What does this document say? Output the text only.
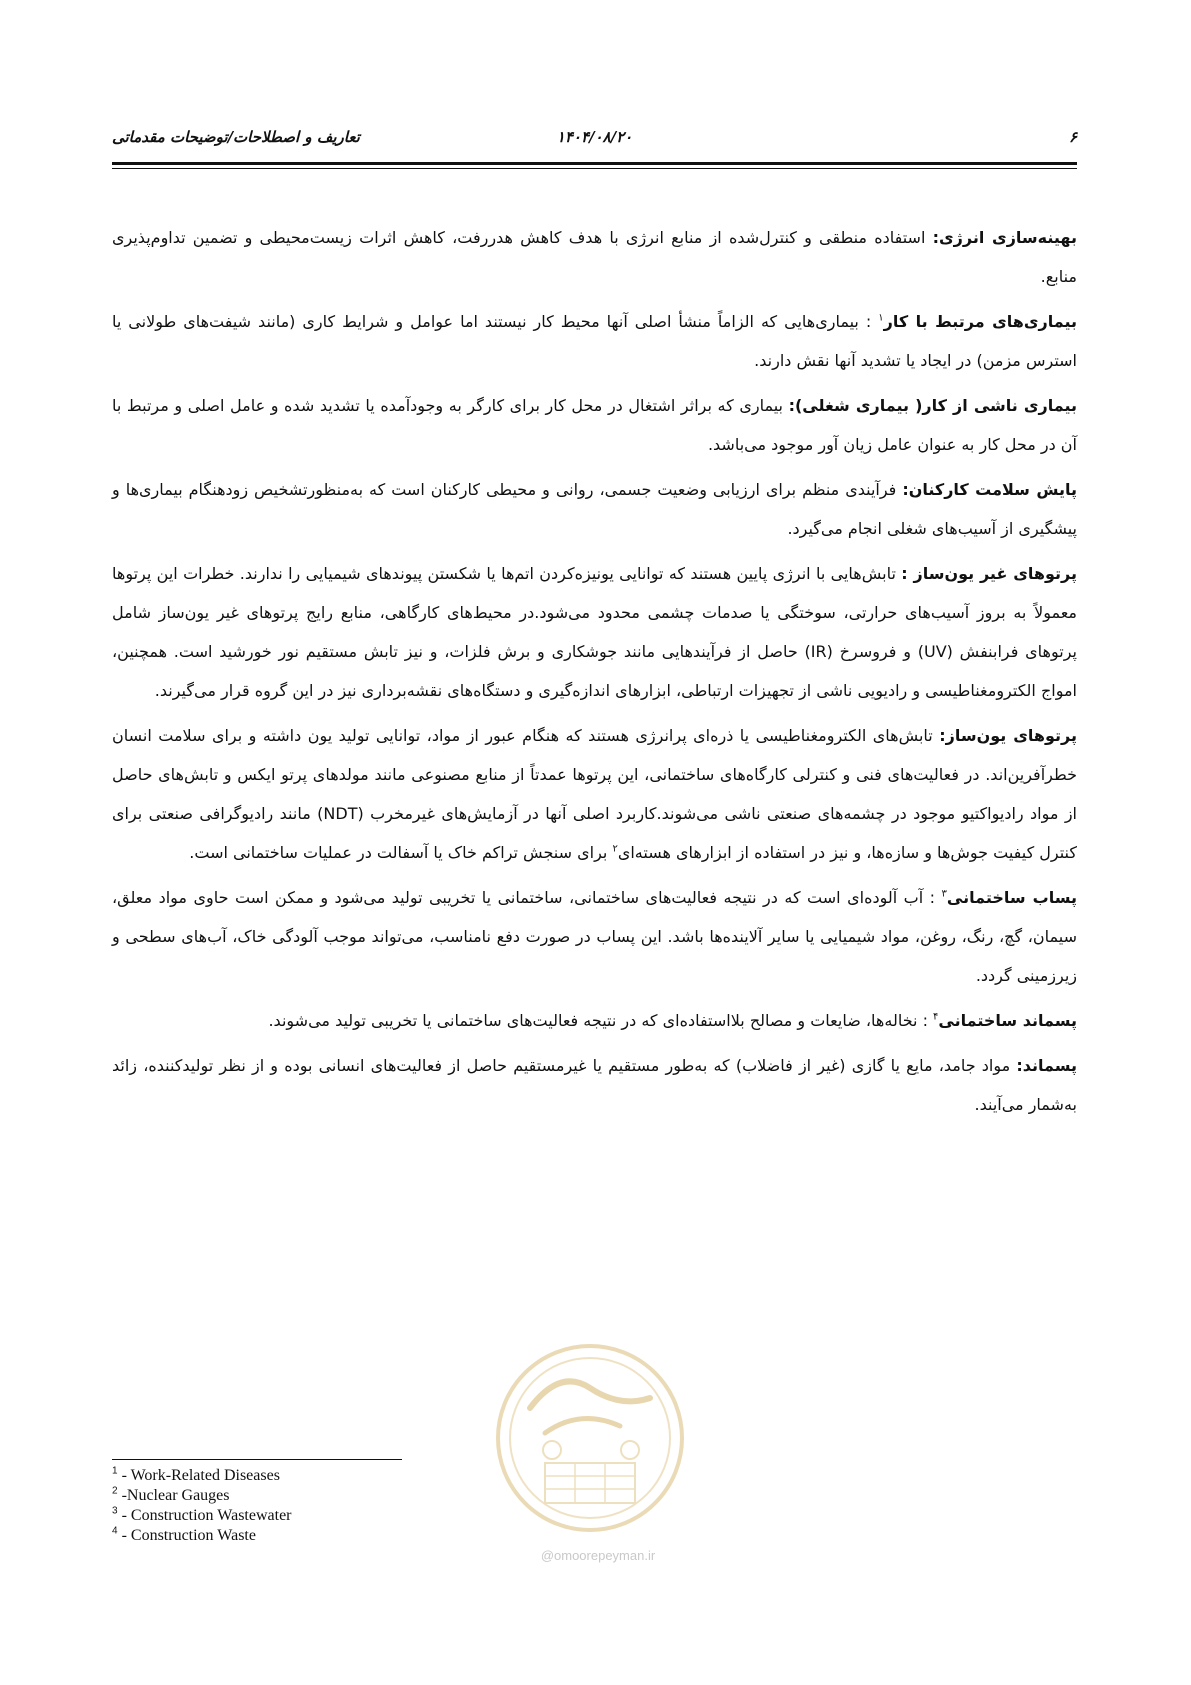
۶
۱۴۰۴/۰۸/۲۰
تعاریف و اصطلاحات/توضیحات مقدماتی

بهینه‌سازی انرژی: استفاده منطقی و کنترل‌شده از منابع انرژی با هدف کاهش هدررفت، کاهش اثرات زیست‌محیطی و تضمین تداوم‌پذیری منابع.

بیماری‌های مرتبط با کار$^۱$ : بیماری‌هایی که الزاماً منشأ اصلی آنها محیط کار نیستند اما عوامل و شرایط کاری (مانند شیفت‌های طولانی یا استرس مزمن) در ایجاد یا تشدید آنها نقش دارند.

بیماری ناشی از کار( بیماری شغلی): بیماری که براثر اشتغال در محل کار برای کارگر به وجودآمده یا تشدید شده و عامل اصلی و مرتبط با آن در محل کار به عنوان عامل زیان آور موجود می‌باشد.

پایش سلامت کارکنان: فرآیندی منظم برای ارزیابی وضعیت جسمی، روانی و محیطی کارکنان است که به‌منظورتشخیص زودهنگام بیماری‌ها و پیشگیری از آسیب‌های شغلی انجام می‌گیرد.

پرتوهای غیر یون‌ساز : تابش‌هایی با انرژی پایین هستند که توانایی یونیزه‌کردن اتم‌ها یا شکستن پیوندهای شیمیایی را ندارند. خطرات این پرتوها معمولاً به بروز آسیب‌های حرارتی، سوختگی یا صدمات چشمی محدود می‌شود.در محیط‌های کارگاهی، منابع رایج پرتوهای غیر یون‌ساز شامل پرتوهای فرابنفش (UV) و فروسرخ (IR) حاصل از فرآیندهایی مانند جوشکاری و برش فلزات، و نیز تابش مستقیم نور خورشید است. همچنین، امواج الکترومغناطیسی و رادیویی ناشی از تجهیزات ارتباطی، ابزارهای اندازه‌گیری و دستگاه‌های نقشه‌برداری نیز در این گروه قرار می‌گیرند.

پرتوهای یون‌ساز: تابش‌های الکترومغناطیسی یا ذره‌ای پرانرژی هستند که هنگام عبور از مواد، توانایی تولید یون داشته و برای سلامت انسان خطرآفرین‌اند. در فعالیت‌های فنی و کنترلی کارگاه‌های ساختمانی، این پرتوها عمدتاً از منابع مصنوعی مانند مولدهای پرتو ایکس و تابش‌های حاصل از مواد رادیواکتیو موجود در چشمه‌های صنعتی ناشی می‌شوند.کاربرد اصلی آنها در آزمایش‌های غیرمخرب (NDT) مانند رادیوگرافی صنعتی برای کنترل کیفیت جوش‌ها و سازه‌ها، و نیز در استفاده از ابزارهای هسته‌ای$^۲$ برای سنجش تراکم خاک یا آسفالت در عملیات ساختمانی است.

پساب ساختمانی$^۳$ : آب آلوده‌ای است که در نتیجه فعالیت‌های ساختمانی، ساختمانی یا تخریبی تولید می‌شود و ممکن است حاوی مواد معلق، سیمان، گچ، رنگ، روغن، مواد شیمیایی یا سایر آلاینده‌ها باشد. این پساب در صورت دفع نامناسب، می‌تواند موجب آلودگی خاک، آب‌های سطحی و زیرزمینی گردد.

پسماند ساختمانی$^۴$ : نخاله‌ها، ضایعات و مصالح بلااستفاده‌ای که در نتیجه فعالیت‌های ساختمانی یا تخریبی تولید می‌شوند.

پسماند: مواد جامد، مایع یا گازی (غیر از فاضلاب) که به‌طور مستقیم یا غیرمستقیم حاصل از فعالیت‌های انسانی بوده و از نظر تولیدکننده، زائد به‌شمار می‌آیند.

@omoorepeyman.ir
$^1$ - Work-Related Diseases
$^2$ -Nuclear Gauges
$^3$ - Construction Wastewater
$^4$ - Construction Waste
